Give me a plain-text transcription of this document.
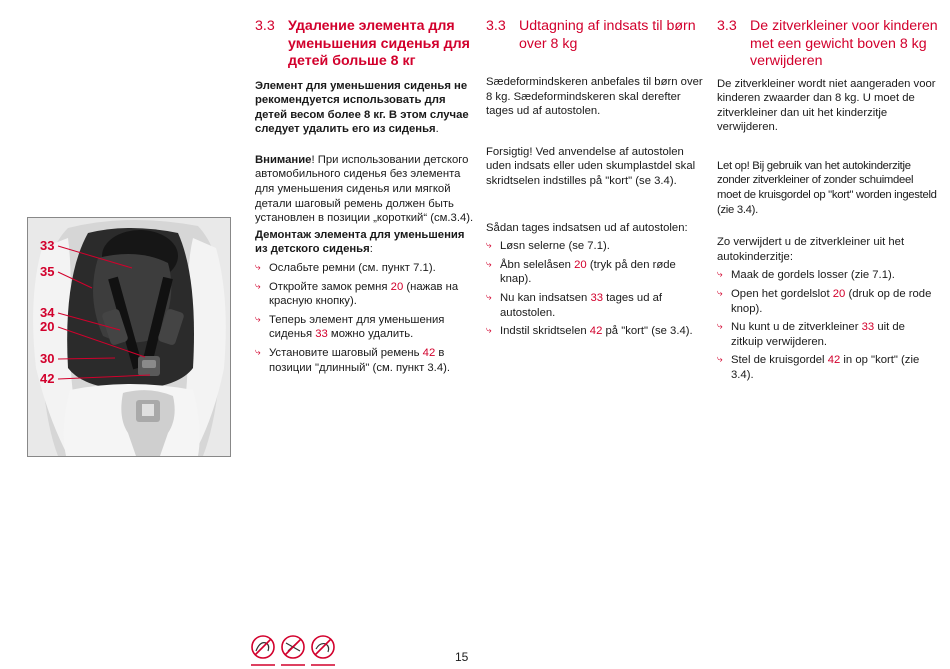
33
35
34
20
30
42
3.3 Удаление элемента для уменьшения сиденья для детей больше 8 кг

Элемент для уменьшения сиденья не рекомендуется использовать для детей весом более 8 кг. В этом случае следует удалить его из сиденья.

Внимание! При использовании детского автомобильного сиденья без элемента для уменьшения сиденья или мягкой детали шаговый ремень должен быть установлен в позиции „короткий“ (см.3.4).

Демонтаж элемента для уменьшения из детского сиденья:

⤷ Ослабьте ремни (см. пункт 7.1).
⤷ Откройте замок ремня 20 (нажав на красную кнопку).
⤷ Теперь элемент для уменьшения сиденья 33 можно удалить.
⤷ Установите шаговый ремень 42 в позиции "длинный" (см. пункт 3.4).
3.3 Udtagning af indsats til børn over 8 kg

Sædeformindskeren anbefales til børn over 8 kg. Sædeformindskeren skal derefter tages ud af autostolen.

Forsigtig! Ved anvendelse af autostolen uden indsats eller uden skumplastdel skal skridtselen indstilles på "kort" (se 3.4).

Sådan tages indsatsen ud af autostolen:

⤷ Løsn selerne (se 7.1).
⤷ Åbn selelåsen 20 (tryk på den røde knap).
⤷ Nu kan indsatsen 33 tages ud af autostolen.
⤷ Indstil skridtselen 42 på "kort" (se 3.4).
3.3 De zitverkleiner voor kinderen met een gewicht boven 8 kg verwijderen

De zitverkleiner wordt niet aangeraden voor kinderen zwaarder dan 8 kg. U moet de zitverkleiner dan uit het kinderzitje verwijderen.

Let op! Bij gebruik van het autokinderzitje zonder zitverkleiner of zonder schuimdeel moet de kruisgordel op "kort" worden ingesteld (zie 3.4).

Zo verwijdert u de zitverkleiner uit het autokinderzitje:

⤷ Maak de gordels losser (zie 7.1).
⤷ Open het gordelslot 20 (druk op de rode knop).
⤷ Nu kunt u de zitverkleiner 33 uit de zitkuip verwijderen.
⤷ Stel de kruisgordel 42 in op "kort" (zie 3.4).
15
